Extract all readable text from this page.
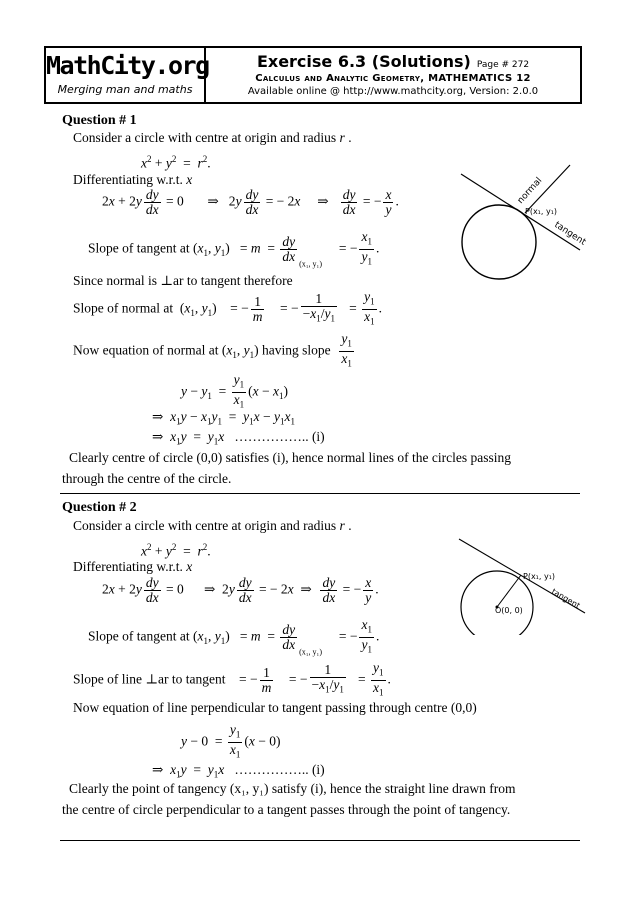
MathCity.org
Merging man and maths
Exercise 6.3 (Solutions) Page # 272
Calculus and Analytic Geometry, MATHEMATICS 12
Available online @ http://www.mathcity.org, Version: 2.0.0
Question # 1
Consider a circle with centre at origin and radius r .
$x^2 + y^2 = r^2$.
Differentiating w.r.t. x
$2x + 2y \frac{dy}{dx} = 0$       ⇒   $2y \frac{dy}{dx}$ = − 2x     ⇒ $\frac{dy}{dx}$ = − $\frac{x}{y}$ .
Slope of tangent at ($x_1$, $y_1) = m = \frac{dy}{dx}$
$_{(x_1, y_1)}$     = − $\frac{x_1}{y_1}$ .
Since normal is ⊥ar to tangent therefore
Slope of normal at  ($x_1$, $y_1$)    = − $\frac{1}{m}$ = − $\frac{1}{-x_1/y_1} = \frac{y_1}{x_1}$ .
Now equation of normal at ($x_1$, $y_1$) having slope $\frac{y_1}{x_1}$
$y - y_1 = \frac{y_1}{x_1} (x - x_1)$
⇒  $x_1y - x_1y_1 = y_1x - y_1x_1$
⇒  $x_1y = y_1x$ …………….. (i)
Clearly centre of circle (0,0) satisfies (i), hence normal lines of the circles passing
through the centre of the circle.
normal
tangent
P(x₁, y₁)
Question # 2
Consider a circle with centre at origin and radius r .
$x^2 + y^2 = r^2$.
Differentiating w.r.t. x
$2x + 2y \frac{dy}{dx} = 0$      ⇒  $2y \frac{dy}{dx}$ = − 2x  ⇒ $\frac{dy}{dx}$ = − $\frac{x}{y}$ .
Slope of tangent at ($x_1$, $y_1) = m = \frac{dy}{dx}$
$_{(x_1, y_1)}$     = − $\frac{x_1}{y_1}$ .
Slope of line ⊥ar to tangent    = − $\frac{1}{m}$ = − $\frac{1}{-x_1/y_1} = \frac{y_1}{x_1}$ .
Now equation of line perpendicular to tangent passing through centre (0,0)
$y - 0 = \frac{y_1}{x_1} (x - 0)$
⇒  $x_1y = y_1x$ …………….. (i)
Clearly the point of tangency (x₁, y₁) satisfy (i), hence the straight line drawn from
the centre of circle perpendicular to a tangent passes through the point of tangency.
P(x₁, y₁)
tangent
O(0, 0)
